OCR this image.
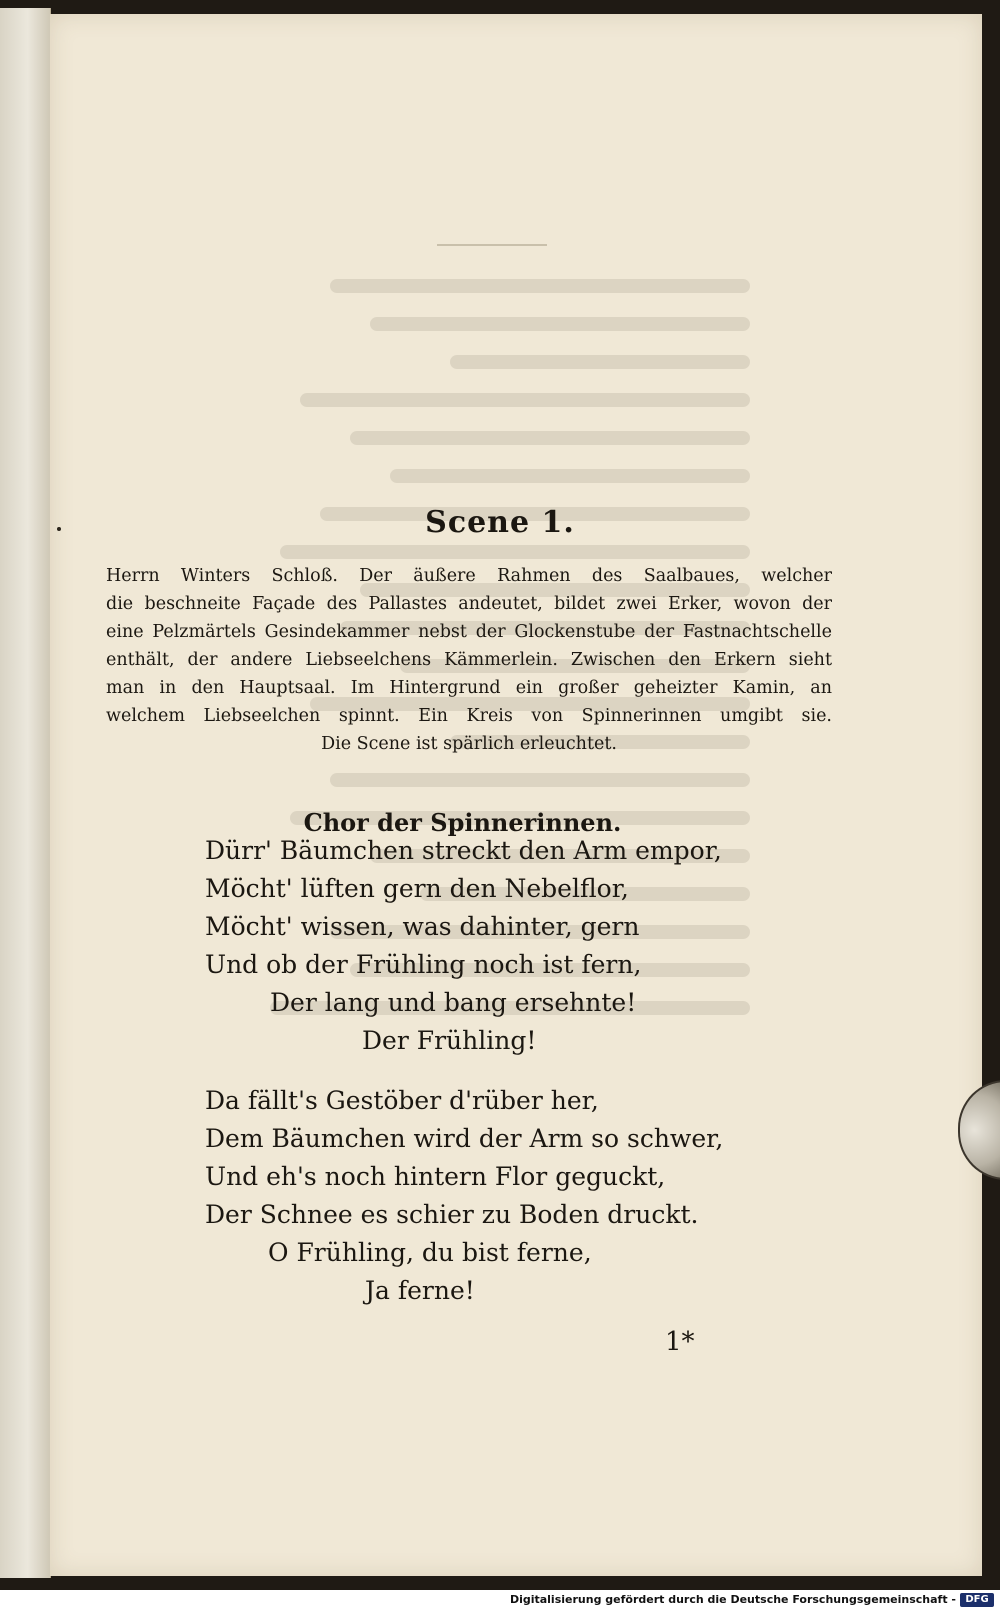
Scene 1.
Herrn Winters Schloß. Der äußere Rahmen des Saalbaues, welcher
die beschneite Façade des Pallastes andeutet, bildet zwei Erker, wovon der
eine Pelzmärtels Gesindekammer nebst der Glockenstube der Fastnachtschelle
enthält, der andere Liebseelchens Kämmerlein. Zwischen den Erkern sieht
man in den Hauptsaal. Im Hintergrund ein großer geheizter Kamin, an
welchem Liebseelchen spinnt. Ein Kreis von Spinnerinnen umgibt sie.
Die Scene ist spärlich erleuchtet.
Chor der Spinnerinnen.
Dürr' Bäumchen streckt den Arm empor,
Möcht' lüften gern den Nebelflor,
Möcht' wissen, was dahinter, gern
Und ob der Frühling noch ist fern,
Der lang und bang ersehnte!
Der Frühling!
Da fällt's Gestöber d'rüber her,
Dem Bäumchen wird der Arm so schwer,
Und eh's noch hintern Flor geguckt,
Der Schnee es schier zu Boden druckt.
O Frühling, du bist ferne,
Ja ferne!
1*
Digitalisierung gefördert durch die Deutsche Forschungsgemeinschaft - DFG
